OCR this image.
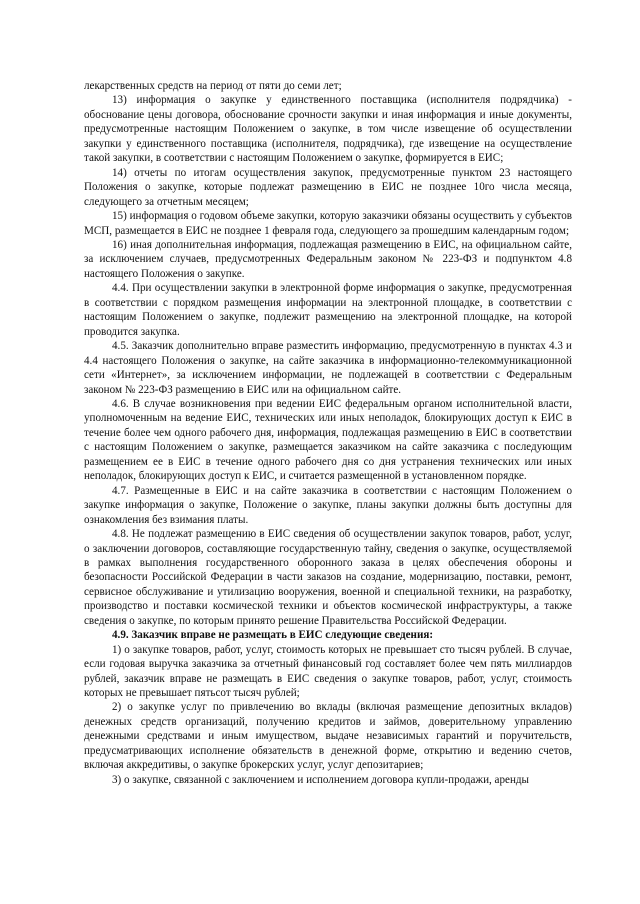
лекарственных средств на период от пяти до семи лет;

13) информация о закупке у единственного поставщика (исполнителя подрядчика) - обоснование цены договора, обоснование срочности закупки и иная информация и иные документы, предусмотренные настоящим Положением о закупке, в том числе извещение об осуществлении закупки у единственного поставщика (исполнителя, подрядчика), где извещение на осуществление такой закупки, в соответствии с настоящим Положением о закупке, формируется в ЕИС;

14) отчеты по итогам осуществления закупок, предусмотренные пунктом 23 настоящего Положения о закупке, которые подлежат размещению в ЕИС не позднее 10го числа месяца, следующего за отчетным месяцем;

15) информация о годовом объеме закупки, которую заказчики обязаны осуществить у субъектов МСП, размещается в ЕИС не позднее 1 февраля года, следующего за прошедшим календарным годом;

16) иная дополнительная информация, подлежащая размещению в ЕИС, на официальном сайте, за исключением случаев, предусмотренных Федеральным законом № 223-ФЗ и подпунктом 4.8 настоящего Положения о закупке.

4.4. При осуществлении закупки в электронной форме информация о закупке, предусмотренная в соответствии с порядком размещения информации на электронной площадке, в соответствии с настоящим Положением о закупке, подлежит размещению на электронной площадке, на которой проводится закупка.

4.5. Заказчик дополнительно вправе разместить информацию, предусмотренную в пунктах 4.3 и 4.4 настоящего Положения о закупке, на сайте заказчика в информационно-телекоммуникационной сети «Интернет», за исключением информации, не подлежащей в соответствии с Федеральным законом № 223-ФЗ размещению в ЕИС или на официальном сайте.

4.6. В случае возникновения при ведении ЕИС федеральным органом исполнительной власти, уполномоченным на ведение ЕИС, технических или иных неполадок, блокирующих доступ к ЕИС в течение более чем одного рабочего дня, информация, подлежащая размещению в ЕИС в соответствии с настоящим Положением о закупке, размещается заказчиком на сайте заказчика с последующим размещением ее в ЕИС в течение одного рабочего дня со дня устранения технических или иных неполадок, блокирующих доступ к ЕИС, и считается размещенной в установленном порядке.

4.7. Размещенные в ЕИС и на сайте заказчика в соответствии с настоящим Положением о закупке информация о закупке, Положение о закупке, планы закупки должны быть доступны для ознакомления без взимания платы.

4.8. Не подлежат размещению в ЕИС сведения об осуществлении закупок товаров, работ, услуг, о заключении договоров, составляющие государственную тайну, сведения о закупке, осуществляемой в рамках выполнения государственного оборонного заказа в целях обеспечения обороны и безопасности Российской Федерации в части заказов на создание, модернизацию, поставки, ремонт, сервисное обслуживание и утилизацию вооружения, военной и специальной техники, на разработку, производство и поставки космической техники и объектов космической инфраструктуры, а также сведения о закупке, по которым принято решение Правительства Российской Федерации.

4.9. Заказчик вправе не размещать в ЕИС следующие сведения:

1) о закупке товаров, работ, услуг, стоимость которых не превышает сто тысяч рублей. В случае, если годовая выручка заказчика за отчетный финансовый год составляет более чем пять миллиардов рублей, заказчик вправе не размещать в ЕИС сведения о закупке товаров, работ, услуг, стоимость которых не превышает пятьсот тысяч рублей;

2) о закупке услуг по привлечению во вклады (включая размещение депозитных вкладов) денежных средств организаций, получению кредитов и займов, доверительному управлению денежными средствами и иным имуществом, выдаче независимых гарантий и поручительств, предусматривающих исполнение обязательств в денежной форме, открытию и ведению счетов, включая аккредитивы, о закупке брокерских услуг, услуг депозитариев;

3) о закупке, связанной с заключением и исполнением договора купли-продажи, аренды
